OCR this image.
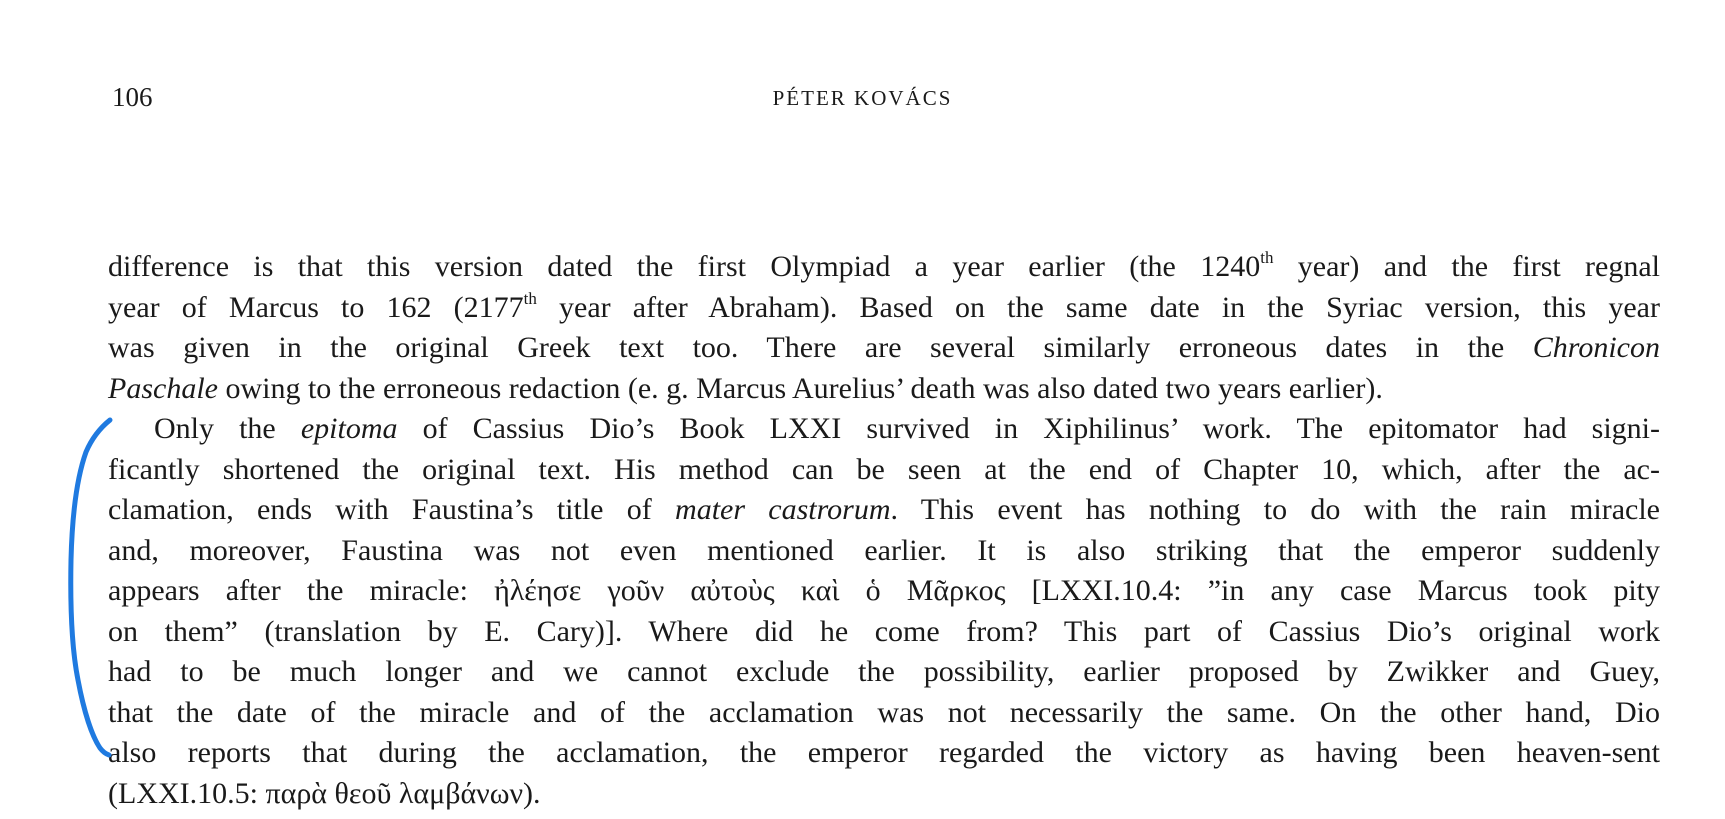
106	PÉTER KOVÁCS

difference is that this version dated the first Olympiad a year earlier (the 1240th year) and the first regnal
year of Marcus to 162 (2177th year after Abraham). Based on the same date in the Syriac version, this year
was given in the original Greek text too. There are several similarly erroneous dates in the Chronicon
Paschale owing to the erroneous redaction (e. g. Marcus Aurelius’ death was also dated two years earlier).

Only the epitoma of Cassius Dio’s Book LXXI survived in Xiphilinus’ work. The epitomator had signi-
ficantly shortened the original text. His method can be seen at the end of Chapter 10, which, after the ac-
clamation, ends with Faustina’s title of mater castrorum. This event has nothing to do with the rain miracle
and, moreover, Faustina was not even mentioned earlier. It is also striking that the emperor suddenly
appears after the miracle: ἠλέησε γοῦν αὐτοὺς καὶ ὁ Μᾶρκος [LXXI.10.4: ”in any case Marcus took pity
on them” (translation by E. Cary)]. Where did he come from? This part of Cassius Dio’s original work
had to be much longer and we cannot exclude the possibility, earlier proposed by Zwikker and Guey,
that the date of the miracle and of the acclamation was not necessarily the same. On the other hand, Dio
also reports that during the acclamation, the emperor regarded the victory as having been heaven-sent
(LXXI.10.5: παρὰ θεοῦ λαμβάνων).
